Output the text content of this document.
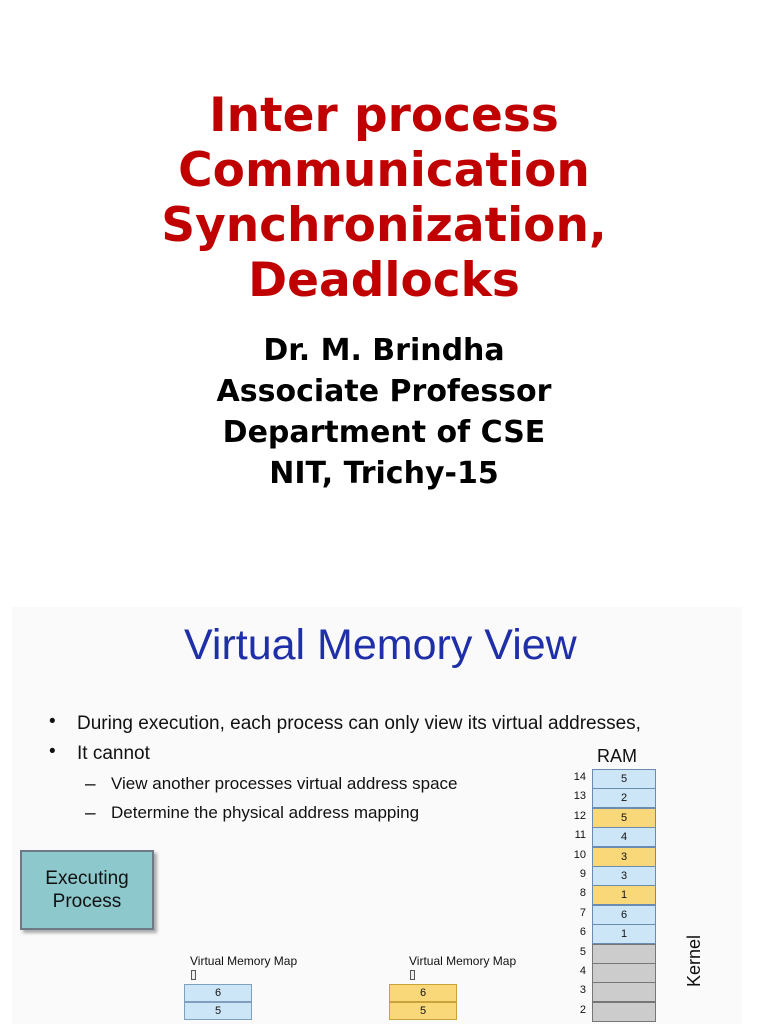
Inter process
Communication
Synchronization,
Deadlocks
Dr. M. Brindha
Associate Professor
Department of CSE
NIT, Trichy-15
Virtual Memory View
• During execution, each process can only view its virtual addresses,
• It cannot
– View another processes virtual address space
– Determine the physical address mapping
Executing
Process
Virtual Memory Map
6
5
Virtual Memory Map
6
5
RAM
14	5
13	2
12	5
11	4
10	3
9	3
8	1
7	6
6	1
5
4
3
2
Kernel
